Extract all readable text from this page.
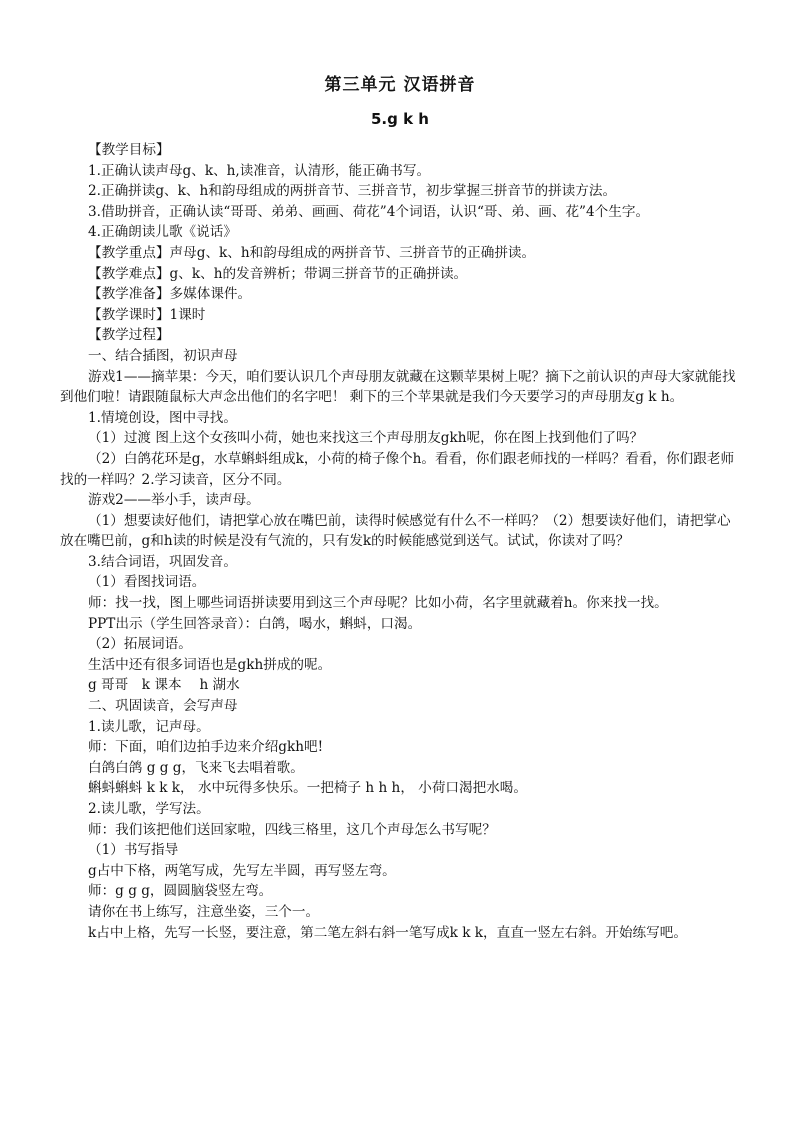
第三单元 汉语拼音
5.g k h

【教学目标】

1.正确认读声母g、k、h,读准音，认清形，能正确书写。

2.正确拼读g、k、h和韵母组成的两拼音节、三拼音节，初步掌握三拼音节的拼读方法。

3.借助拼音，正确认读“哥哥、弟弟、画画、荷花”4个词语，认识“哥、弟、画、花”4个生字。

4.正确朗读儿歌《说话》

【教学重点】声母g、k、h和韵母组成的两拼音节、三拼音节的正确拼读。

【教学难点】g、k、h的发音辨析；带调三拼音节的正确拼读。

【教学准备】多媒体课件。

【教学课时】1课时

【教学过程】

一、结合插图，初识声母

游戏1——摘苹果：今天，咱们要认识几个声母朋友就藏在这颗苹果树上呢？摘下之前认识的声母大家就能找到他们啦！请跟随鼠标大声念出他们的名字吧！ 剩下的三个苹果就是我们今天要学习的声母朋友g k h。

1.情境创设，图中寻找。

（1）过渡 图上这个女孩叫小荷，她也来找这三个声母朋友gkh呢，你在图上找到他们了吗？

（2）白鸽花环是g，水草蝌蚪组成k，小荷的椅子像个h。看看，你们跟老师找的一样吗？看看，你们跟老师找的一样吗？2.学习读音，区分不同。

游戏2——举小手，读声母。

（1）想要读好他们，请把掌心放在嘴巴前，读得时候感觉有什么不一样吗？（2）想要读好他们，请把掌心放在嘴巴前，g和h读的时候是没有气流的，只有发k的时候能感觉到送气。试试，你读对了吗？

3.结合词语，巩固发音。

（1）看图找词语。

师：找一找，图上哪些词语拼读要用到这三个声母呢？比如小荷，名字里就藏着h。你来找一找。

PPT出示（学生回答录音）：白鸽，喝水，蝌蚪，口渴。

（2）拓展词语。

生活中还有很多词语也是gkh拼成的呢。

g 哥哥　k 课本　 h 湖水

二、巩固读音，会写声母

1.读儿歌，记声母。

师：下面，咱们边拍手边来介绍gkh吧!

白鸽白鸽 g g g，飞来飞去唱着歌。

蝌蚪蝌蚪 k k k， 水中玩得多快乐。一把椅子 h h h， 小荷口渴把水喝。

2.读儿歌，学写法。

师：我们该把他们送回家啦，四线三格里，这几个声母怎么书写呢？

（1）书写指导

g占中下格，两笔写成，先写左半圆，再写竖左弯。

师：g g g，圆圆脑袋竖左弯。

请你在书上练写，注意坐姿，三个一。

k占中上格，先写一长竖，要注意，第二笔左斜右斜一笔写成k k k，直直一竖左右斜。开始练写吧。
